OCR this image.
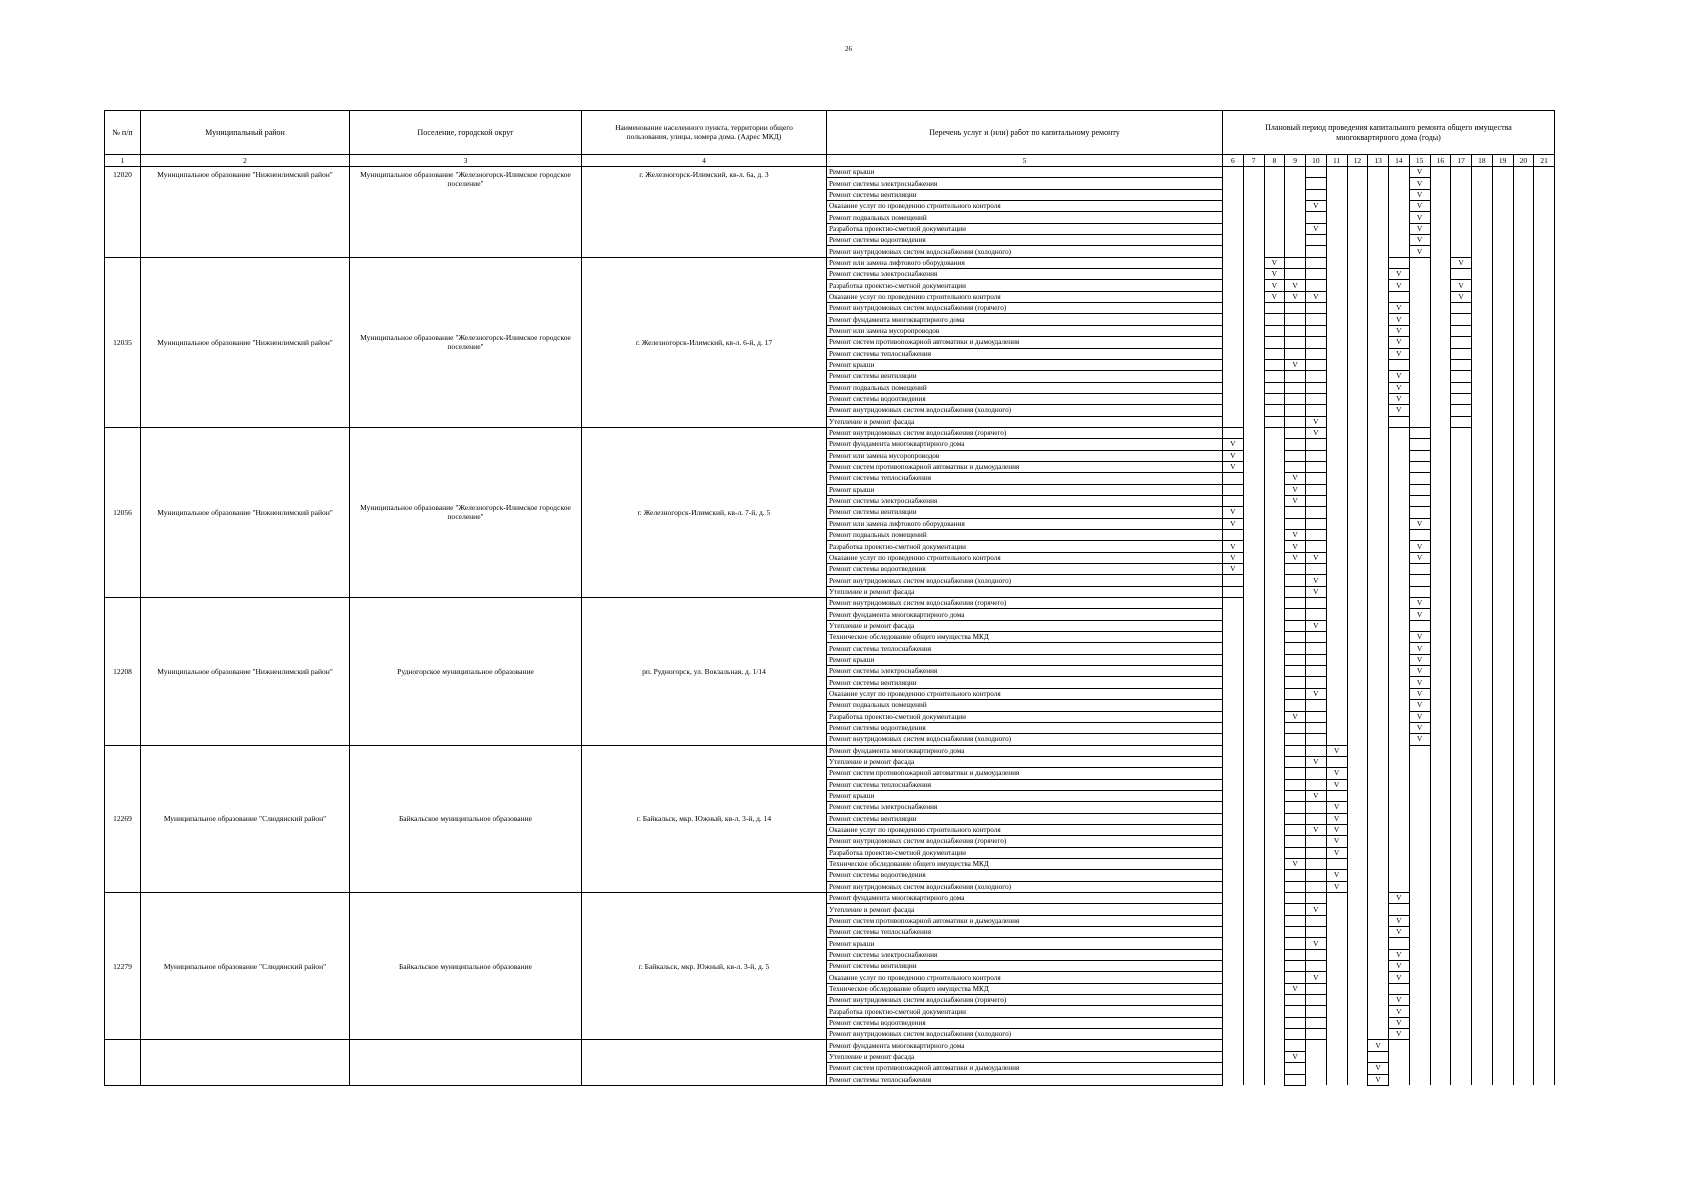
26
№ п/п	Муниципальный район	Поселение, городской округ	Наименование населенного пункта, территории общего пользования, улицы, номера дома. (Адрес МКД)	Перечень услуг и (или) работ по капитальному ремонту	Плановый период проведения капитального ремонта общего имущества многоквартирного дома (годы)															
1	2	3	4	5	6	7	8	9	10	11	12	13	14	15	16	17	18	19	20	21
12020	Муниципальное образование "Нижнеилимский район"	Муниципальное образование "Железногорск-Илимское городское поселение"	г. Железногорск-Илимский, кв-л. 6а, д. 3	Ремонт крыши										V						
				Ремонт системы электроснабжения										V						
				Ремонт системы вентиляции										V						
				Оказание услуг по проведению строительного контроля					V					V						
				Ремонт подвальных помещений										V						
				Разработка проектно-сметной документации					V					V						
				Ремонт системы водоотведения										V						
				Ремонт внутридомовых систем водоснабжения (холодного)										V						
12035	Муниципальное образование "Нижнеилимский район"	Муниципальное образование "Железногорск-Илимское городское поселение"	г. Железногорск-Илимский, кв-л. 6-й, д. 17	Ремонт или замена лифтового оборудования			V									V				
				Ремонт системы электроснабжения			V						V							
				Разработка проектно-сметной документации			V	V					V			V				
				Оказание услуг по проведению строительного контроля			V	V	V							V				
				Ремонт внутридомовых систем водоснабжения (горячего)									V							
				Ремонт фундамента многоквартирного дома									V							
				Ремонт или замена мусоропроводов									V							
				Ремонт систем противопожарной автоматики и дымоудаления									V							
				Ремонт системы теплоснабжения									V							
				Ремонт крыши				V												
				Ремонт системы вентиляции									V							
				Ремонт подвальных помещений									V							
				Ремонт системы водоотведения									V							
				Ремонт внутридомовых систем водоснабжения (холодного)									V							
				Утепление и ремонт фасада					V											
12056	Муниципальное образование "Нижнеилимский район"	Муниципальное образование "Железногорск-Илимское городское поселение"	г. Железногорск-Илимский, кв-л. 7-й, д. 5	Ремонт внутридомовых систем водоснабжения (горячего)					V											
				Ремонт фундамента многоквартирного дома	V															
				Ремонт или замена мусоропроводов	V															
				Ремонт систем противопожарной автоматики и дымоудаления	V															
				Ремонт системы теплоснабжения				V												
				Ремонт крыши				V												
				Ремонт системы электроснабжения				V												
				Ремонт системы вентиляции	V															
				Ремонт или замена лифтового оборудования	V									V						
				Ремонт подвальных помещений				V												
				Разработка проектно-сметной документации	V			V						V						
				Оказание услуг по проведению строительного контроля	V			V	V					V						
				Ремонт системы водоотведения	V															
				Ремонт внутридомовых систем водоснабжения (холодного)					V											
				Утепление и ремонт фасада					V											
12208	Муниципальное образование "Нижнеилимский район"	Рудногорское муниципальное образование	рп. Рудногорск, ул. Вокзальная, д. 1/14	Ремонт внутридомовых систем водоснабжения (горячего)										V						
				Ремонт фундамента многоквартирного дома										V						
				Утепление и ремонт фасада					V											
				Техническое обследование общего имущества МКД										V						
				Ремонт системы теплоснабжения										V						
				Ремонт крыши										V						
				Ремонт системы электроснабжения										V						
				Ремонт системы вентиляции										V						
				Оказание услуг по проведению строительного контроля					V					V						
				Ремонт подвальных помещений										V						
				Разработка проектно-сметной документации				V						V						
				Ремонт системы водоотведения										V						
				Ремонт внутридомовых систем водоснабжения (холодного)										V						
12269	Муниципальное образование "Слюдянский район"	Байкальское муниципальное образование	г. Байкальск, мкр. Южный, кв-л. 3-й, д. 14	Ремонт фундамента многоквартирного дома						V										
				Утепление и ремонт фасада					V											
				Ремонт систем противопожарной автоматики и дымоудаления						V										
				Ремонт системы теплоснабжения						V										
				Ремонт крыши					V											
				Ремонт системы электроснабжения						V										
				Ремонт системы вентиляции						V										
				Оказание услуг по проведению строительного контроля					V	V										
				Ремонт внутридомовых систем водоснабжения (горячего)						V										
				Разработка проектно-сметной документации						V										
				Техническое обследование общего имущества МКД				V												
				Ремонт системы водоотведения						V										
				Ремонт внутридомовых систем водоснабжения (холодного)						V										
12279	Муниципальное образование "Слюдянский район"	Байкальское муниципальное образование	г. Байкальск, мкр. Южный, кв-л. 3-й, д. 5	Ремонт фундамента многоквартирного дома									V							
				Утепление и ремонт фасада					V											
				Ремонт систем противопожарной автоматики и дымоудаления									V							
				Ремонт системы теплоснабжения									V							
				Ремонт крыши					V											
				Ремонт системы электроснабжения									V							
				Ремонт системы вентиляции									V							
				Оказание услуг по проведению строительного контроля					V				V							
				Техническое обследование общего имущества МКД				V												
				Ремонт внутридомовых систем водоснабжения (горячего)									V							
				Разработка проектно-сметной документации									V							
				Ремонт системы водоотведения									V							
				Ремонт внутридомовых систем водоснабжения (холодного)									V							
				Ремонт фундамента многоквартирного дома								V								
				Утепление и ремонт фасада				V												
				Ремонт систем противопожарной автоматики и дымоудаления								V								
				Ремонт системы теплоснабжения								V								
